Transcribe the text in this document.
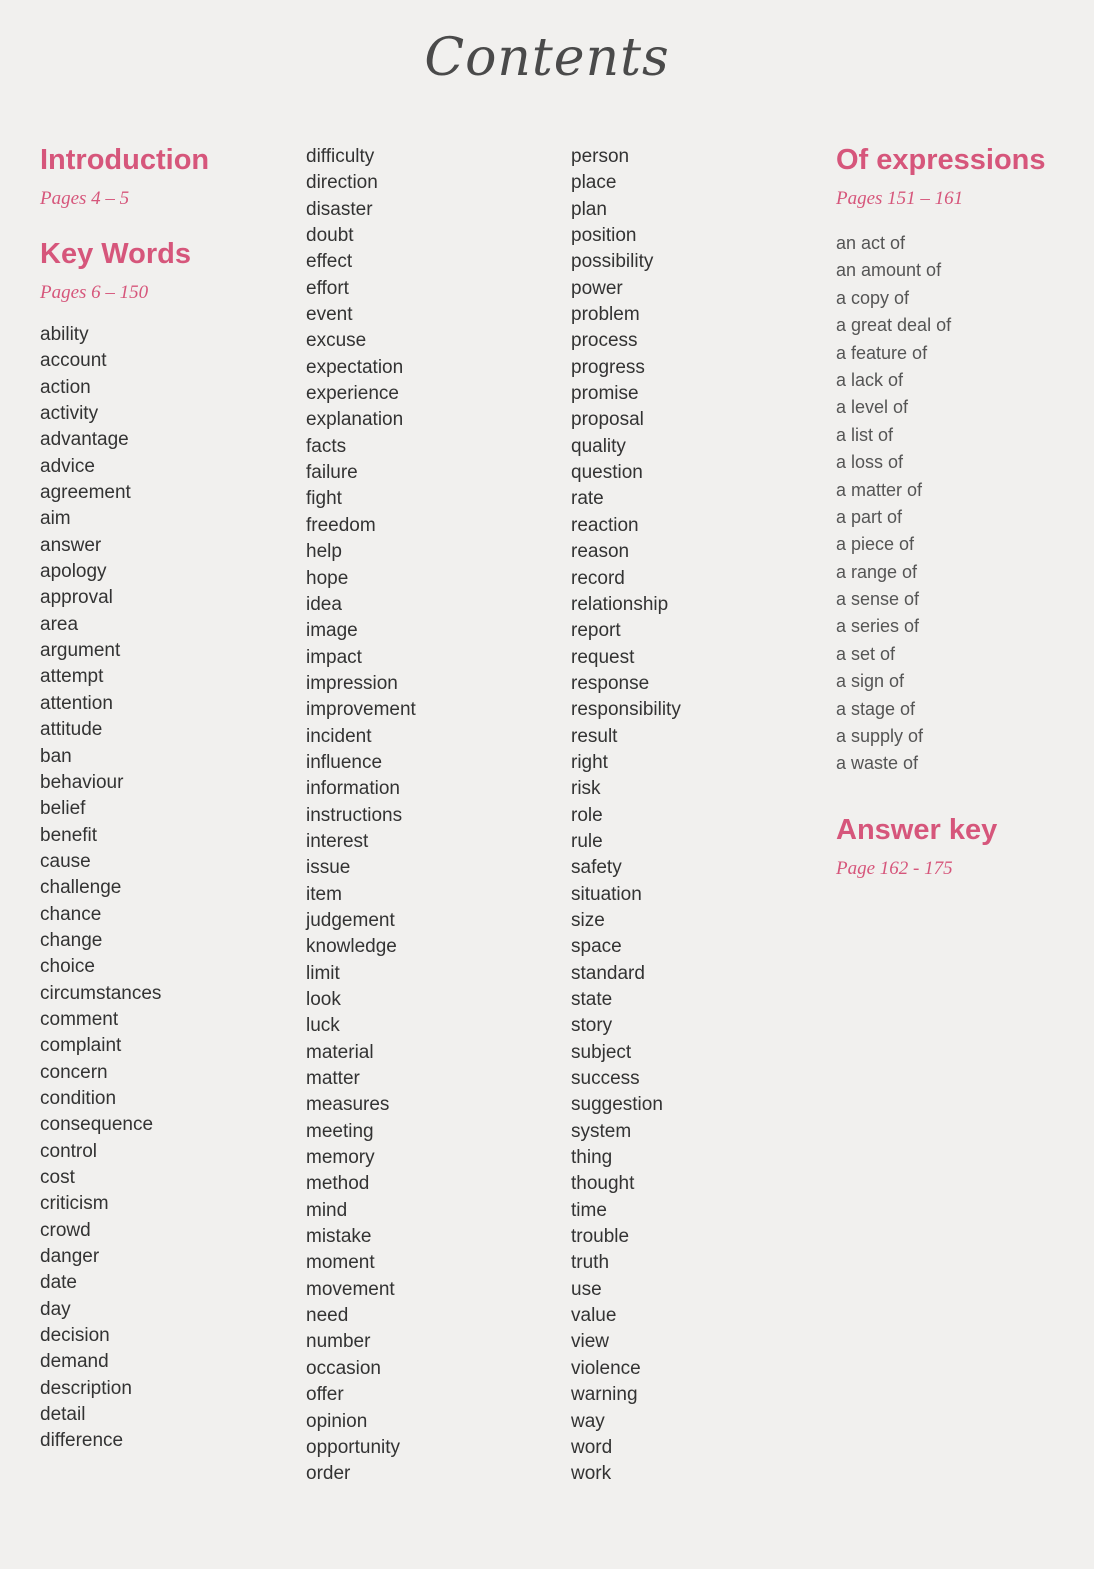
Contents
Introduction

Pages 4 – 5

Key Words

Pages 6 – 150

ability
account
action
activity
advantage
advice
agreement
aim
answer
apology
approval
area
argument
attempt
attention
attitude
ban
behaviour
belief
benefit
cause
challenge
chance
change
choice
circumstances
comment
complaint
concern
condition
consequence
control
cost
criticism
crowd
danger
date
day
decision
demand
description
detail
difference
difficulty
direction
disaster
doubt
effect
effort
event
excuse
expectation
experience
explanation
facts
failure
fight
freedom
help
hope
idea
image
impact
impression
improvement
incident
influence
information
instructions
interest
issue
item
judgement
knowledge
limit
look
luck
material
matter
measures
meeting
memory
method
mind
mistake
moment
movement
need
number
occasion
offer
opinion
opportunity
order
person
place
plan
position
possibility
power
problem
process
progress
promise
proposal
quality
question
rate
reaction
reason
record
relationship
report
request
response
responsibility
result
right
risk
role
rule
safety
situation
size
space
standard
state
story
subject
success
suggestion
system
thing
thought
time
trouble
truth
use
value
view
violence
warning
way
word
work
Of expressions

Pages 151 – 161

an act of
an amount of
a copy of
a great deal of
a feature of
a lack of
a level of
a list of
a loss of
a matter of
a part of
a piece of
a range of
a sense of
a series of
a set of
a sign of
a stage of
a supply of
a waste of
Answer key

Page 162 - 175
